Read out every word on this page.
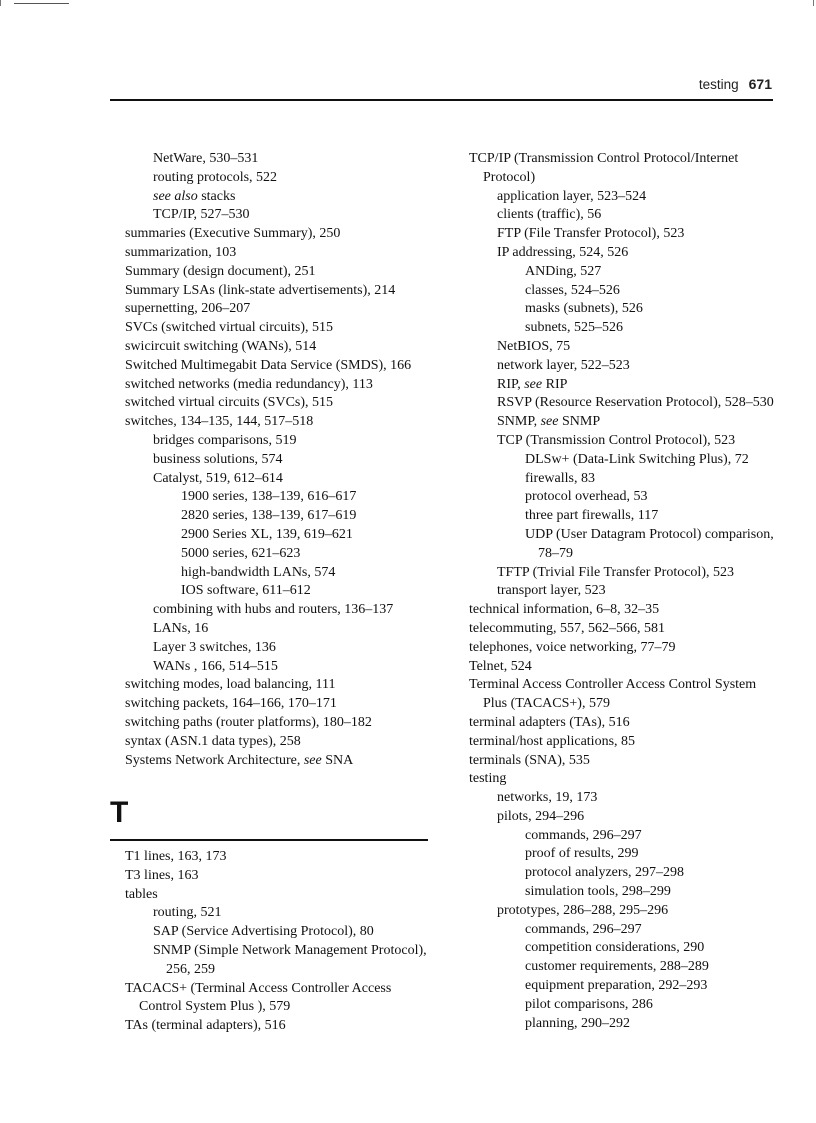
testing 671
NetWare, 530–531
routing protocols, 522
see also stacks
TCP/IP, 527–530
summaries (Executive Summary), 250
summarization, 103
Summary (design document), 251
Summary LSAs (link-state advertisements), 214
supernetting, 206–207
SVCs (switched virtual circuits), 515
swicircuit switching (WANs), 514
Switched Multimegabit Data Service (SMDS), 166
switched networks (media redundancy), 113
switched virtual circuits (SVCs), 515
switches, 134–135, 144, 517–518
bridges comparisons, 519
business solutions, 574
Catalyst, 519, 612–614
1900 series, 138–139, 616–617
2820 series, 138–139, 617–619
2900 Series XL, 139, 619–621
5000 series, 621–623
high-bandwidth LANs, 574
IOS software, 611–612
combining with hubs and routers, 136–137
LANs, 16
Layer 3 switches, 136
WANs , 166, 514–515
switching modes, load balancing, 111
switching packets, 164–166, 170–171
switching paths (router platforms), 180–182
syntax (ASN.1 data types), 258
Systems Network Architecture, see SNA
T
T1 lines, 163, 173
T3 lines, 163
tables
routing, 521
SAP (Service Advertising Protocol), 80
SNMP (Simple Network Management Protocol),
256, 259
TACACS+ (Terminal Access Controller Access
Control System Plus ), 579
TAs (terminal adapters), 516
TCP/IP (Transmission Control Protocol/Internet
Protocol)
application layer, 523–524
clients (traffic), 56
FTP (File Transfer Protocol), 523
IP addressing, 524, 526
ANDing, 527
classes, 524–526
masks (subnets), 526
subnets, 525–526
NetBIOS, 75
network layer, 522–523
RIP, see RIP
RSVP (Resource Reservation Protocol), 528–530
SNMP, see SNMP
TCP (Transmission Control Protocol), 523
DLSw+ (Data-Link Switching Plus), 72
firewalls, 83
protocol overhead, 53
three part firewalls, 117
UDP (User Datagram Protocol) comparison,
78–79
TFTP (Trivial File Transfer Protocol), 523
transport layer, 523
technical information, 6–8, 32–35
telecommuting, 557, 562–566, 581
telephones, voice networking, 77–79
Telnet, 524
Terminal Access Controller Access Control System
Plus (TACACS+), 579
terminal adapters (TAs), 516
terminal/host applications, 85
terminals (SNA), 535
testing
networks, 19, 173
pilots, 294–296
commands, 296–297
proof of results, 299
protocol analyzers, 297–298
simulation tools, 298–299
prototypes, 286–288, 295–296
commands, 296–297
competition considerations, 290
customer requirements, 288–289
equipment preparation, 292–293
pilot comparisons, 286
planning, 290–292
